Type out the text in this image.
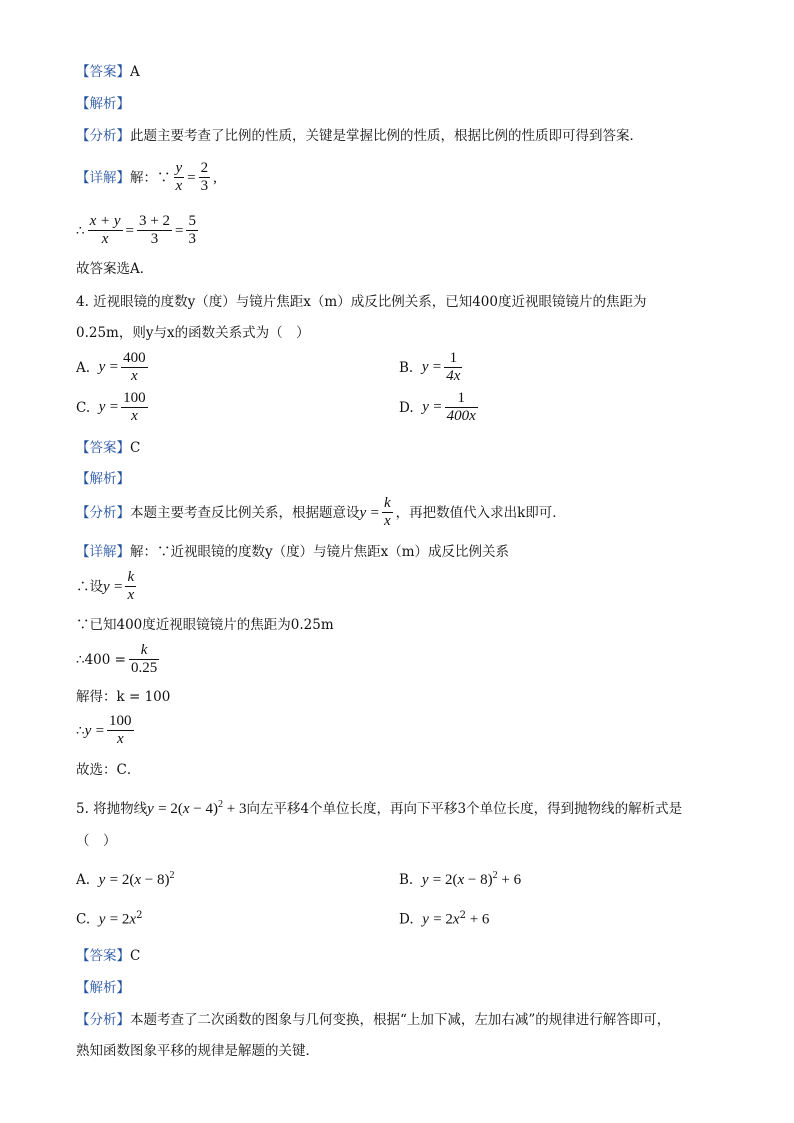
【答案】A
【解析】
【分析】此题主要考查了比例的性质，关键是掌握比例的性质，根据比例的性质即可得到答案．
【详解】 解：∵ $\frac{y}{x} = \frac{2}{3}$ ,
∴ $\frac{x + y}{x} = \frac{3 + 2}{3} = \frac{5}{3}$
故答案选A．
4. 近视眼镜的度数y（度）与镜片焦距x（m）成反比例关系，已知400度近视眼镜镜片的焦距为
0.25m，则y与x的函数关系式为（　）
A.
y
= $\frac{400}{x}$	B.
y
= $\frac{1}{4x}$
C.
y
= $\frac{100}{x}$	D.
y
= $\frac{1}{400x}$
【答案】C
【解析】
【分析】 本题主要考查反比例关系，根据题意设 y
= $\frac{k}{x}$ ，再把数值代入求出k即可．
【详解】解：∵近视眼镜的度数y（度）与镜片焦距x（m）成反比例关系
∴设 y
= $\frac{k}{x}$
∵已知400度近视眼镜镜片的焦距为0.25m
∴400 = $\frac{k}{0.25}$
解得：k = 100
∴ y
= $\frac{100}{x}$
故选：C．
5. 将抛物线$y = 2(x - 4)^2 + 3$向左平移4个单位长度，再向下平移3个单位长度，得到抛物线的解析式是
（　）
A. $y = 2(x - 8)^2$	B. $y = 2(x - 8)^2 + 6$
C. $y = 2x^2$	D. $y = 2x^2 + 6$
【答案】C
【解析】
【分析】本题考查了二次函数的图象与几何变换，根据“上加下减，左加右减”的规律进行解答即可，
熟知函数图象平移的规律是解题的关键．
